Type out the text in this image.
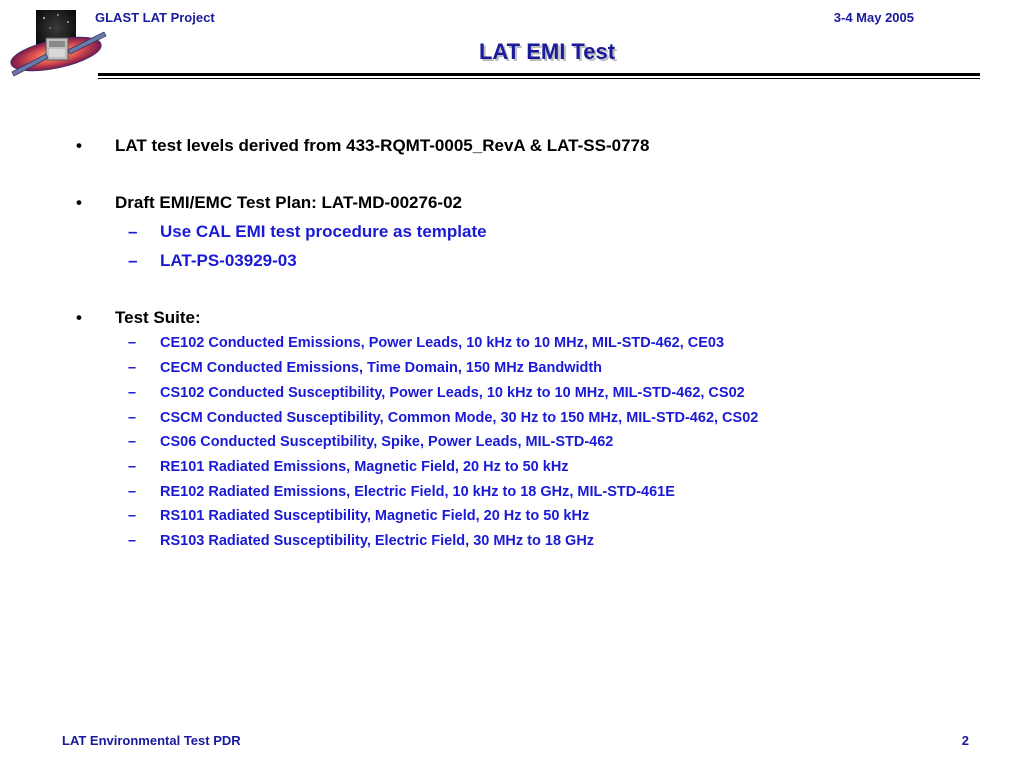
GLAST LAT Project	3-4 May 2005
LAT EMI Test
• LAT test levels derived from 433-RQMT-0005_RevA & LAT-SS-0778
• Draft EMI/EMC Test Plan: LAT-MD-00276-02
– Use CAL EMI test procedure as template
– LAT-PS-03929-03
• Test Suite:
– CE102 Conducted Emissions, Power Leads, 10 kHz to 10 MHz, MIL-STD-462, CE03
– CECM Conducted Emissions, Time Domain, 150 MHz Bandwidth
– CS102 Conducted Susceptibility, Power Leads, 10 kHz to 10 MHz, MIL-STD-462, CS02
– CSCM Conducted Susceptibility, Common Mode, 30 Hz to 150 MHz, MIL-STD-462, CS02
– CS06 Conducted Susceptibility, Spike, Power Leads, MIL-STD-462
– RE101 Radiated Emissions, Magnetic Field, 20 Hz to 50 kHz
– RE102 Radiated Emissions, Electric Field, 10 kHz to 18 GHz, MIL-STD-461E
– RS101 Radiated Susceptibility, Magnetic Field, 20 Hz to 50 kHz
– RS103 Radiated Susceptibility, Electric Field, 30 MHz to 18 GHz
LAT Environmental Test PDR	2
